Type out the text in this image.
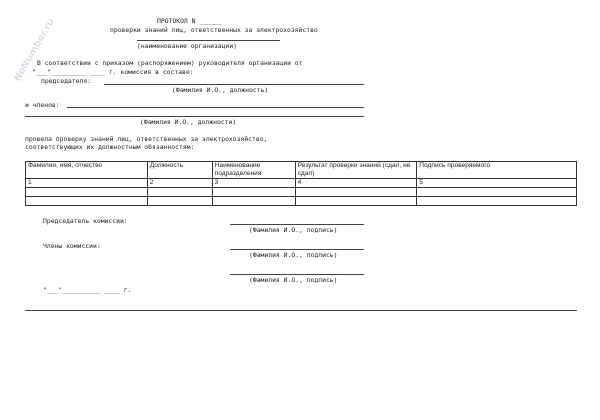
NoNumber.ru	ПРОТОКОЛ N ______
проверки знаний лиц, ответственных за электрохозяйство
(наименование организации)
В соответствии с приказом (распоряжением) руководителя организации от
"___"_________ ____ г. комиссия в составе:
председателя:
(Фамилия И.О., должность)
и членов:
(Фамилия И.О., должности)
провела проверку знаний лиц, ответственных за электрохозяйство,
соответствующих их должностным обязанностям:
Фамилия, имя, отчество	Должность	Наименование подразделения	Результат проверки знаний (сдал, не сдал)	Подпись проверяемого
1	2	3	4	5

Председатель комиссии:
(Фамилия И.О., подпись)
Члены комиссии:
(Фамилия И.О., подпись)
(Фамилия И.О., подпись)
"___"__________ ____ г.
